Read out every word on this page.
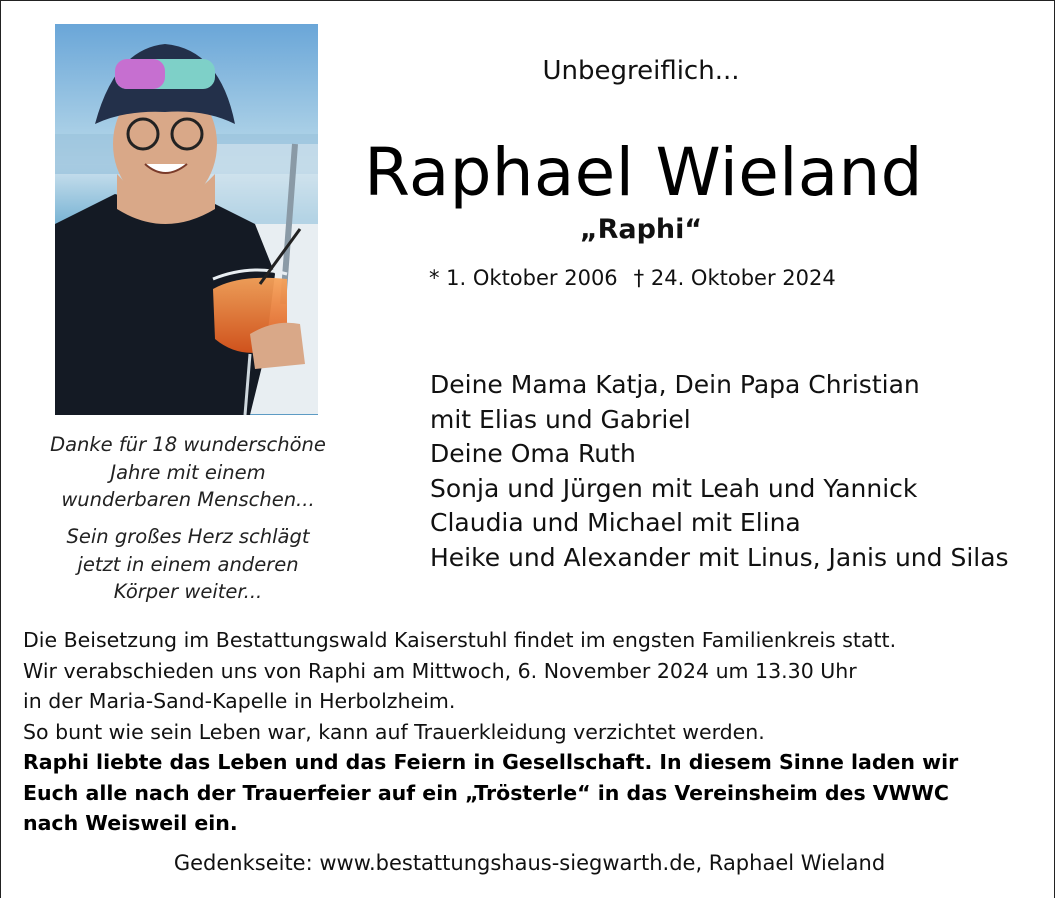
Danke für 18 wunderschöne
Jahre mit einem
wunderbaren Menschen...
Sein großes Herz schlägt
jetzt in einem anderen
Körper weiter...
Unbegreiflich...
Raphael Wieland
„Raphi“
* 1. Oktober 2006 † 24. Oktober 2024
Deine Mama Katja, Dein Papa Christian
mit Elias und Gabriel
Deine Oma Ruth
Sonja und Jürgen mit Leah und Yannick
Claudia und Michael mit Elina
Heike und Alexander mit Linus, Janis und Silas
Die Beisetzung im Bestattungswald Kaiserstuhl findet im engsten Familienkreis statt.
Wir verabschieden uns von Raphi am Mittwoch, 6. November 2024 um 13.30 Uhr
in der Maria-Sand-Kapelle in Herbolzheim.
So bunt wie sein Leben war, kann auf Trauerkleidung verzichtet werden.
Raphi liebte das Leben und das Feiern in Gesellschaft. In diesem Sinne laden wir
Euch alle nach der Trauerfeier auf ein „Trösterle“ in das Vereinsheim des VWWC
nach Weisweil ein.
Gedenkseite: www.bestattungshaus-siegwarth.de, Raphael Wieland
